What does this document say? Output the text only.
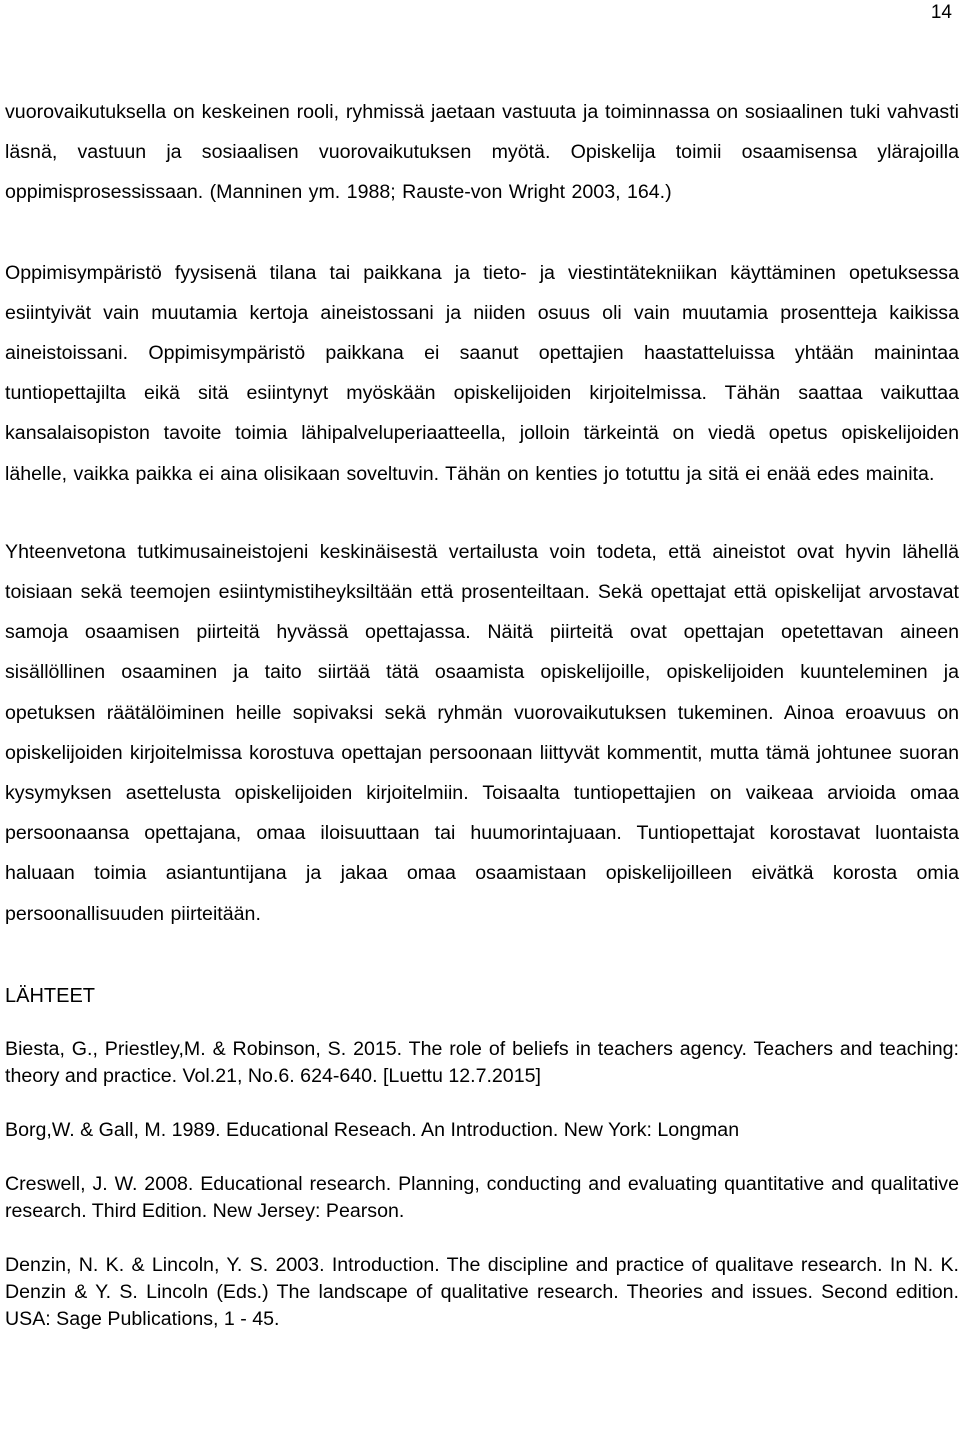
14

vuorovaikutuksella on keskeinen rooli, ryhmissä jaetaan vastuuta ja toiminnassa on sosiaalinen tuki vahvasti läsnä, vastuun ja sosiaalisen vuorovaikutuksen myötä. Opiskelija toimii osaamisensa ylärajoilla oppimisprosessissaan. (Manninen ym. 1988; Rauste-von Wright 2003, 164.)

Oppimisympäristö fyysisenä tilana tai paikkana ja tieto- ja viestintätekniikan käyttäminen opetuksessa esiintyivät vain muutamia kertoja aineistossani ja niiden osuus oli vain muutamia prosentteja kaikissa aineistoissani. Oppimisympäristö paikkana ei saanut opettajien haastatteluissa yhtään mainintaa tuntiopettajilta eikä sitä esiintynyt myöskään opiskelijoiden kirjoitelmissa. Tähän saattaa vaikuttaa kansalaisopiston tavoite toimia lähipalveluperiaatteella, jolloin tärkeintä on viedä opetus opiskelijoiden lähelle, vaikka paikka ei aina olisikaan soveltuvin. Tähän on kenties jo totuttu ja sitä ei enää edes mainita.

Yhteenvetona tutkimusaineistojeni keskinäisestä vertailusta voin todeta, että aineistot ovat hyvin lähellä toisiaan sekä teemojen esiintymistiheyksiltään että prosenteiltaan. Sekä opettajat että opiskelijat arvostavat samoja osaamisen piirteitä hyvässä opettajassa. Näitä piirteitä ovat opettajan opetettavan aineen sisällöllinen osaaminen ja taito siirtää tätä osaamista opiskelijoille, opiskelijoiden kuunteleminen ja opetuksen räätälöiminen heille sopivaksi sekä ryhmän vuorovaikutuksen tukeminen. Ainoa eroavuus on opiskelijoiden kirjoitelmissa korostuva opettajan persoonaan liittyvät kommentit, mutta tämä johtunee suoran kysymyksen asettelusta opiskelijoiden kirjoitelmiin. Toisaalta tuntiopettajien on vaikeaa arvioida omaa persoonaansa opettajana, omaa iloisuuttaan tai huumorintajuaan. Tuntiopettajat korostavat luontaista haluaan toimia asiantuntijana ja jakaa omaa osaamistaan opiskelijoilleen eivätkä korosta omia persoonallisuuden piirteitään.

LÄHTEET

Biesta, G., Priestley,M. & Robinson, S. 2015. The role of beliefs in teachers agency. Teachers and teaching: theory and practice. Vol.21, No.6. 624-640. [Luettu 12.7.2015]

Borg,W. & Gall, M. 1989. Educational Reseach. An Introduction. New York: Longman

Creswell, J. W. 2008. Educational research. Planning, conducting and evaluating quantitative and qualitative research. Third Edition. New Jersey: Pearson.

Denzin, N. K. & Lincoln, Y. S. 2003. Introduction. The discipline and practice of qualitave research. In N. K. Denzin & Y. S. Lincoln (Eds.) The landscape of qualitative research. Theories and issues. Second edition. USA: Sage Publications, 1 - 45.
